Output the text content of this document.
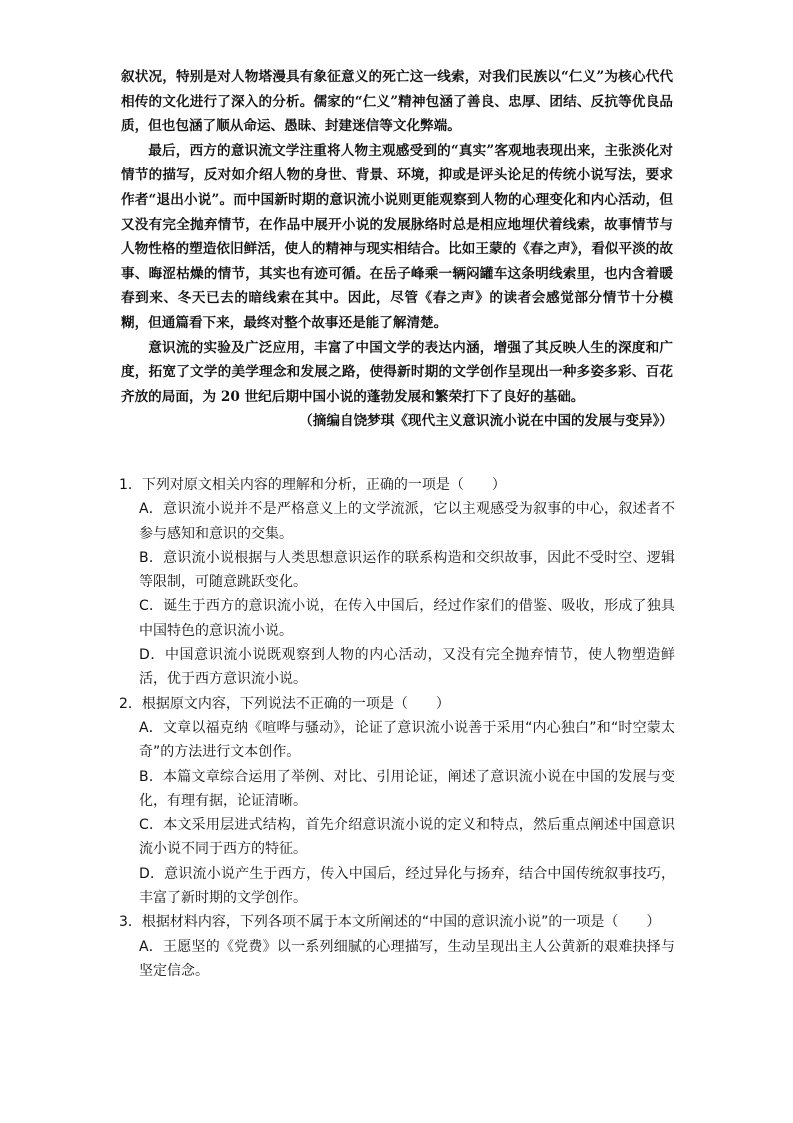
叙状况，特别是对人物塔漫具有象征意义的死亡这一线索，对我们民族以“仁义”为核心代代相传的文化进行了深入的分析。儒家的“仁义”精神包涵了善良、忠厚、团结、反抗等优良品质，但也包涵了顺从命运、愚昧、封建迷信等文化弊端。

最后，西方的意识流文学注重将人物主观感受到的“真实”客观地表现出来，主张淡化对情节的描写，反对如介绍人物的身世、背景、环境，抑或是评头论足的传统小说写法，要求作者“退出小说”。而中国新时期的意识流小说则更能观察到人物的心理变化和内心活动，但又没有完全抛弃情节，在作品中展开小说的发展脉络时总是相应地埋伏着线索，故事情节与人物性格的塑造依旧鲜活，使人的精神与现实相结合。比如王蒙的《春之声》，看似平淡的故事、晦涩枯燥的情节，其实也有迹可循。在岳子峰乘一辆闷罐车这条明线索里，也内含着暖春到来、冬天已去的暗线索在其中。因此，尽管《春之声》的读者会感觉部分情节十分模糊，但通篇看下来，最终对整个故事还是能了解清楚。

意识流的实验及广泛应用，丰富了中国文学的表达内涵，增强了其反映人生的深度和广度，拓宽了文学的美学理念和发展之路，使得新时期的文学创作呈现出一种多姿多彩、百花齐放的局面，为 20 世纪后期中国小说的蓬勃发展和繁荣打下了良好的基础。

（摘编自饶梦琪《现代主义意识流小说在中国的发展与变异》）

1．下列对原文相关内容的理解和分析，正确的一项是（　　）

A．意识流小说并不是严格意义上的文学流派，它以主观感受为叙事的中心，叙述者不参与感知和意识的交集。

B．意识流小说根据与人类思想意识运作的联系构造和交织故事，因此不受时空、逻辑等限制，可随意跳跃变化。

C．诞生于西方的意识流小说，在传入中国后，经过作家们的借鉴、吸收，形成了独具中国特色的意识流小说。

D．中国意识流小说既观察到人物的内心活动，又没有完全抛弃情节，使人物塑造鲜活，优于西方意识流小说。

2．根据原文内容，下列说法不正确的一项是（　　）

A．文章以福克纳《喧哗与骚动》，论证了意识流小说善于采用“内心独白”和“时空蒙太奇”的方法进行文本创作。

B．本篇文章综合运用了举例、对比、引用论证，阐述了意识流小说在中国的发展与变化，有理有据，论证清晰。

C．本文采用层进式结构，首先介绍意识流小说的定义和特点，然后重点阐述中国意识流小说不同于西方的特征。

D．意识流小说产生于西方，传入中国后，经过异化与扬弃，结合中国传统叙事技巧，丰富了新时期的文学创作。

3．根据材料内容，下列各项不属于本文所阐述的“中国的意识流小说”的一项是（　　）

A．王愿坚的《党费》以一系列细腻的心理描写，生动呈现出主人公黄新的艰难抉择与坚定信念。
